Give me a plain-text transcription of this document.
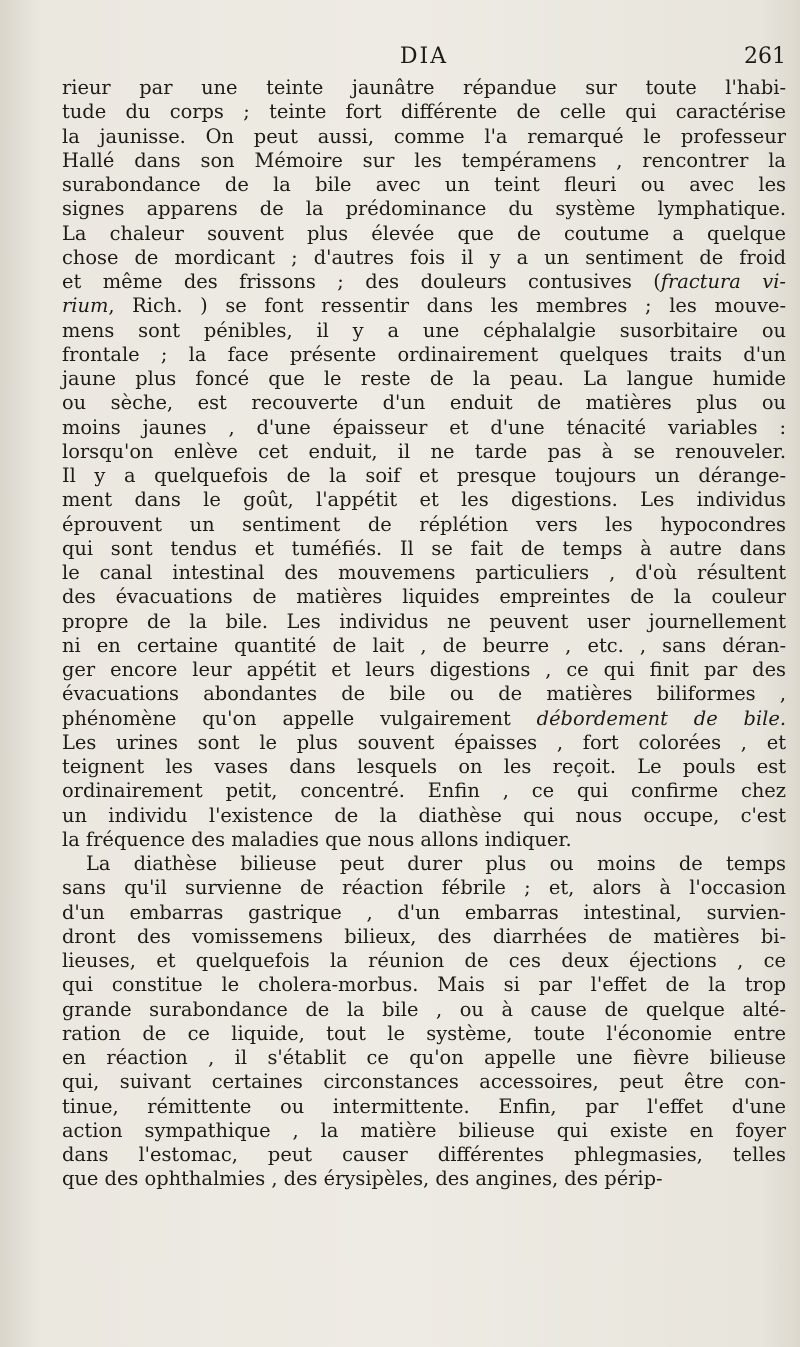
DIA	261
rieur par une teinte jaunâtre répandue sur toute l'habi-
tude du corps ; teinte fort différente de celle qui caractérise
la jaunisse. On peut aussi, comme l'a remarqué le professeur
Hallé dans son Mémoire sur les tempéramens , rencontrer la
surabondance de la bile avec un teint fleuri ou avec les
signes apparens de la prédominance du système lymphatique.
La chaleur souvent plus élevée que de coutume a quelque
chose de mordicant ; d'autres fois il y a un sentiment de froid
et même des frissons ; des douleurs contusives (fractura vi-
rium, Rich. ) se font ressentir dans les membres ; les mouve-
mens sont pénibles, il y a une céphalalgie susorbitaire ou
frontale ; la face présente ordinairement quelques traits d'un
jaune plus foncé que le reste de la peau. La langue humide
ou sèche, est recouverte d'un enduit de matières plus ou
moins jaunes , d'une épaisseur et d'une ténacité variables :
lorsqu'on enlève cet enduit, il ne tarde pas à se renouveler.
Il y a quelquefois de la soif et presque toujours un dérange-
ment dans le goût, l'appétit et les digestions. Les individus
éprouvent un sentiment de réplétion vers les hypocondres
qui sont tendus et tuméfiés. Il se fait de temps à autre dans
le canal intestinal des mouvemens particuliers , d'où résultent
des évacuations de matières liquides empreintes de la couleur
propre de la bile. Les individus ne peuvent user journellement
ni en certaine quantité de lait , de beurre , etc. , sans déran-
ger encore leur appétit et leurs digestions , ce qui finit par des
évacuations abondantes de bile ou de matières biliformes ,
phénomène qu'on appelle vulgairement débordement de bile.
Les urines sont le plus souvent épaisses , fort colorées , et
teignent les vases dans lesquels on les reçoit. Le pouls est
ordinairement petit, concentré. Enfin , ce qui confirme chez
un individu l'existence de la diathèse qui nous occupe, c'est
la fréquence des maladies que nous allons indiquer.
La diathèse bilieuse peut durer plus ou moins de temps
sans qu'il survienne de réaction fébrile ; et, alors à l'occasion
d'un embarras gastrique , d'un embarras intestinal, survien-
dront des vomissemens bilieux, des diarrhées de matières bi-
lieuses, et quelquefois la réunion de ces deux éjections , ce
qui constitue le cholera-morbus. Mais si par l'effet de la trop
grande surabondance de la bile , ou à cause de quelque alté-
ration de ce liquide, tout le système, toute l'économie entre
en réaction , il s'établit ce qu'on appelle une fièvre bilieuse
qui, suivant certaines circonstances accessoires, peut être con-
tinue, rémittente ou intermittente. Enfin, par l'effet d'une
action sympathique , la matière bilieuse qui existe en foyer
dans l'estomac, peut causer différentes phlegmasies, telles
que des ophthalmies , des érysipèles, des angines, des périp-
